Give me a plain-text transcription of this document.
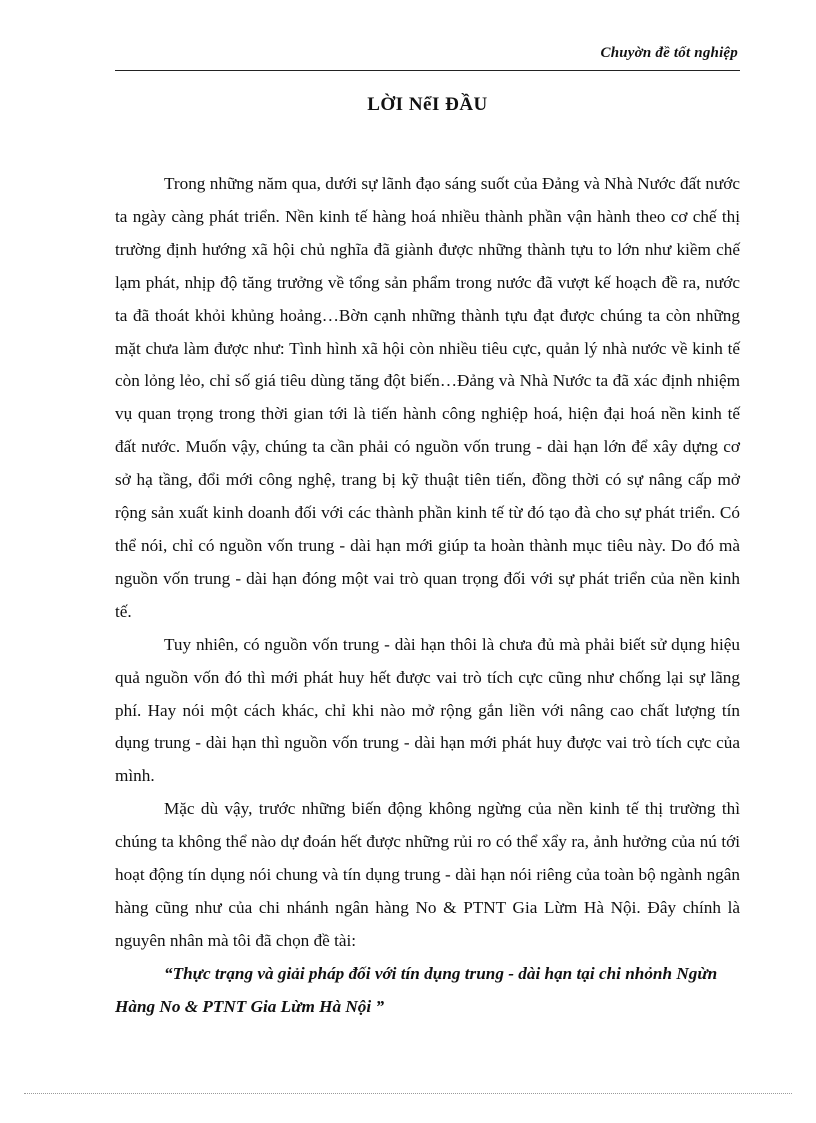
Chuyờn đề tốt nghiệp
LỜI NểI ĐẦU

Trong những năm qua, dưới sự lãnh đạo sáng suốt của Đảng và Nhà Nước đất nước ta ngày càng phát triển. Nền kinh tế hàng hoá nhiều thành phần vận hành theo cơ chế thị trường định hướng xã hội chủ nghĩa đã giành được những thành tựu to lớn như kiềm chế lạm phát, nhịp độ tăng trưởng về tổng sản phẩm trong nước đã vượt kế hoạch đề ra, nước ta đã thoát khỏi khủng hoảng…Bờn cạnh những thành tựu đạt được chúng ta còn những mặt chưa làm được như: Tình hình xã hội còn nhiều tiêu cực, quản lý nhà nước về kinh tế còn lỏng lẻo, chỉ số giá tiêu dùng tăng đột biến…Đảng và Nhà Nước ta đã xác định nhiệm vụ quan trọng trong thời gian tới là tiến hành công nghiệp hoá, hiện đại hoá nền kinh tế đất nước. Muốn vậy, chúng ta cần phải có nguồn vốn trung - dài hạn lớn để xây dựng cơ sở hạ tầng, đổi mới công nghệ, trang bị kỹ thuật tiên tiến, đồng thời có sự nâng cấp mở rộng sản xuất kinh doanh đối với các thành phần kinh tế từ đó tạo đà cho sự phát triển. Có thể nói, chỉ có nguồn vốn trung - dài hạn mới giúp ta hoàn thành mục tiêu này. Do đó mà nguồn vốn trung - dài hạn đóng một vai trò quan trọng đối với sự phát triển của nền kinh tế.

Tuy nhiên, có nguồn vốn trung - dài hạn thôi là chưa đủ mà phải biết sử dụng hiệu quả nguồn vốn đó thì mới phát huy hết được vai trò tích cực cũng như chống lại sự lãng phí. Hay nói một cách khác, chỉ khi nào mở rộng gắn liền với nâng cao chất lượng tín dụng trung - dài hạn thì nguồn vốn trung - dài hạn mới phát huy được vai trò tích cực của mình.

Mặc dù vậy, trước những biến động không ngừng của nền kinh tế thị trường thì chúng ta không thể nào dự đoán hết được những rủi ro có thể xẩy ra, ảnh hưởng của nú tới hoạt động tín dụng nói chung và tín dụng trung - dài hạn nói riêng của toàn bộ ngành ngân hàng cũng như của chi nhánh ngân hàng No & PTNT Gia Lừm Hà Nội. Đây chính là nguyên nhân mà tôi đã chọn đề tài:

“Thực trạng và giải pháp đối với tín dụng trung - dài hạn tại chi nhỏnh Ngừn Hàng No & PTNT Gia Lừm Hà Nội ”
